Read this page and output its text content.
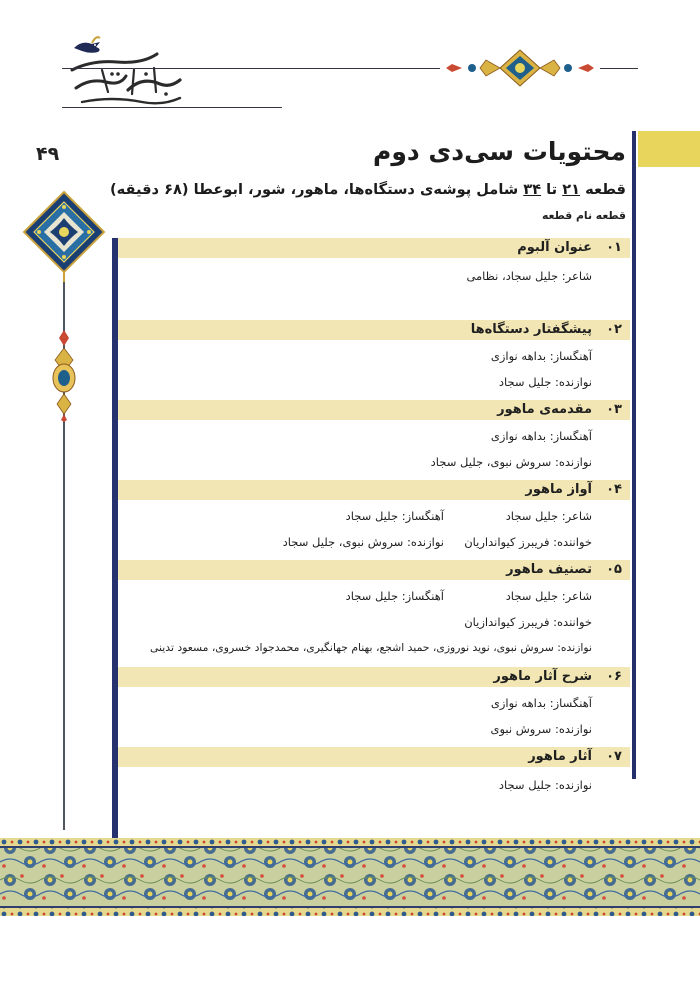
۴۹	محتویات سی‌دی دوم
قطعه ۲۱ تا ۳۴ شامل پوشه‌ی دستگاه‌ها، ماهور، شور، ابوعطا (۶۸ دقیقه)
قطعه نام قطعه
۰۱
عنوان آلبوم
شاعر: جلیل سجاد، نظامی
۰۲
پیشگفتار دستگاه‌ها
آهنگساز: بداهه نوازی
نوازنده: جلیل سجاد
۰۳
مقدمه‌ی ماهور
آهنگساز: بداهه نوازی
نوازنده: سروش نبوی، جلیل سجاد
۰۴
آواز ماهور
شاعر: جلیل سجاد
آهنگساز: جلیل سجاد
خواننده: فریبرز کیوانداریان
نوازنده: سروش نبوی، جلیل سجاد
۰۵
تصنیف ماهور
شاعر: جلیل سجاد
آهنگساز: جلیل سجاد
خواننده: فریبرز کیواندازیان
نوازنده: سروش نبوی، نوید نوروزی، حمید اشجع، بهنام جهانگیری، محمدجواد خسروی، مسعود تدینی
۰۶
شرح آثار ماهور
آهنگساز: بداهه نوازی
نوازنده: سروش نبوی
۰۷
آثار ماهور
نوازنده: جلیل سجاد
